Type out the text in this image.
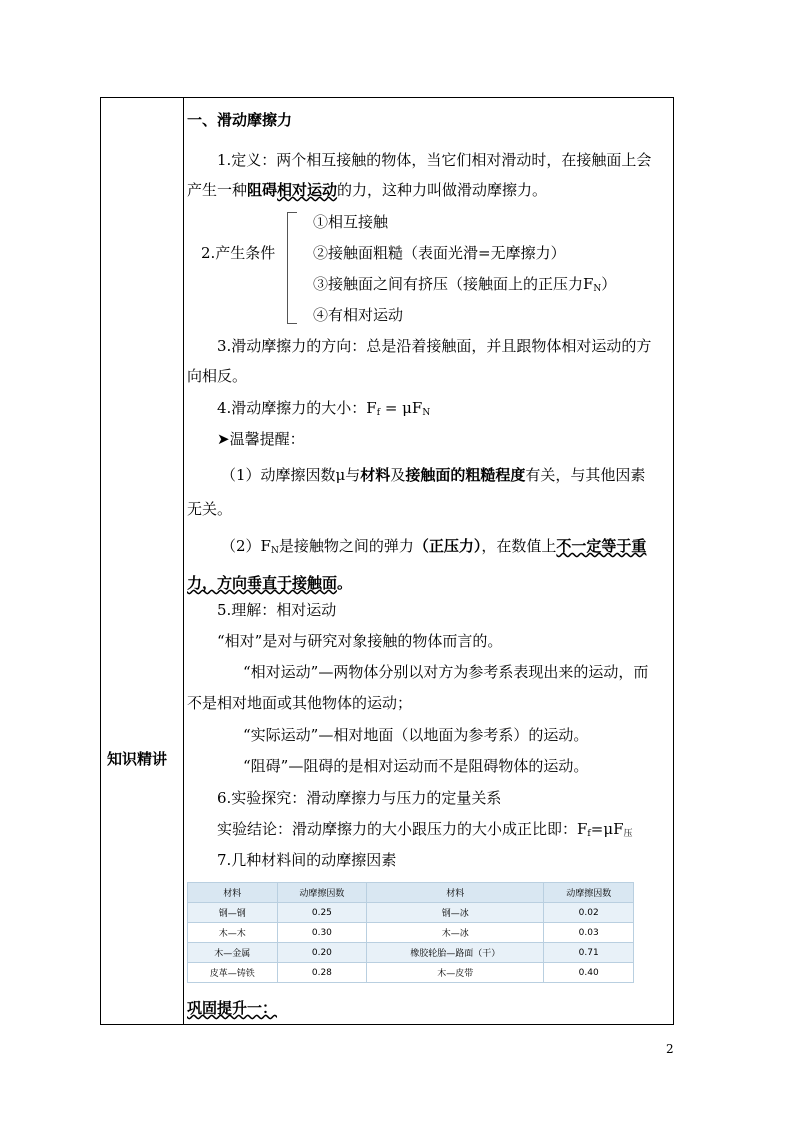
知识精讲
一、滑动摩擦力
1.定义：两个相互接触的物体，当它们相对滑动时，在接触面上会
产生一种阻碍相对运动的力，这种力叫做滑动摩擦力。
2.产生条件
①相互接触
②接触面粗糙（表面光滑=无摩擦力）
③接触面之间有挤压（接触面上的正压力$F_N$）
④有相对运动
3.滑动摩擦力的方向：总是沿着接触面，并且跟物体相对运动的方
向相反。
4.滑动摩擦力的大小：$F_f = \mu F_N$
➤温馨提醒：
（1）动摩擦因数μ与材料及接触面的粗糙程度有关，与其他因素
无关。
$(2)F_N$是接触物之间的弹力（正压力），在数值上不一定等于重
力，方向垂直于接触面。
5.理解：相对运动
“相对”是对与研究对象接触的物体而言的。
“相对运动”—两物体分别以对方为参考系表现出来的运动，而
不是相对地面或其他物体的运动；
“实际运动”—相对地面（以地面为参考系）的运动。
“阻碍”—阻碍的是相对运动而不是阻碍物体的运动。
6.实验探究：滑动摩擦力与压力的定量关系
实验结论：滑动摩擦力的大小跟压力的大小成正比即：$F_f=\mu F_压$
7.几种材料间的动摩擦因素
材料	动摩擦因数	材料	动摩擦因数
钢—钢	0.25	钢—冰	0.02
木—木	0.30	木—冰	0.03
木—金属	0.20	橡胶轮胎—路面（干）	0.71
皮革—铸铁	0.28	木—皮带	0.40
巩固提升一：
2
